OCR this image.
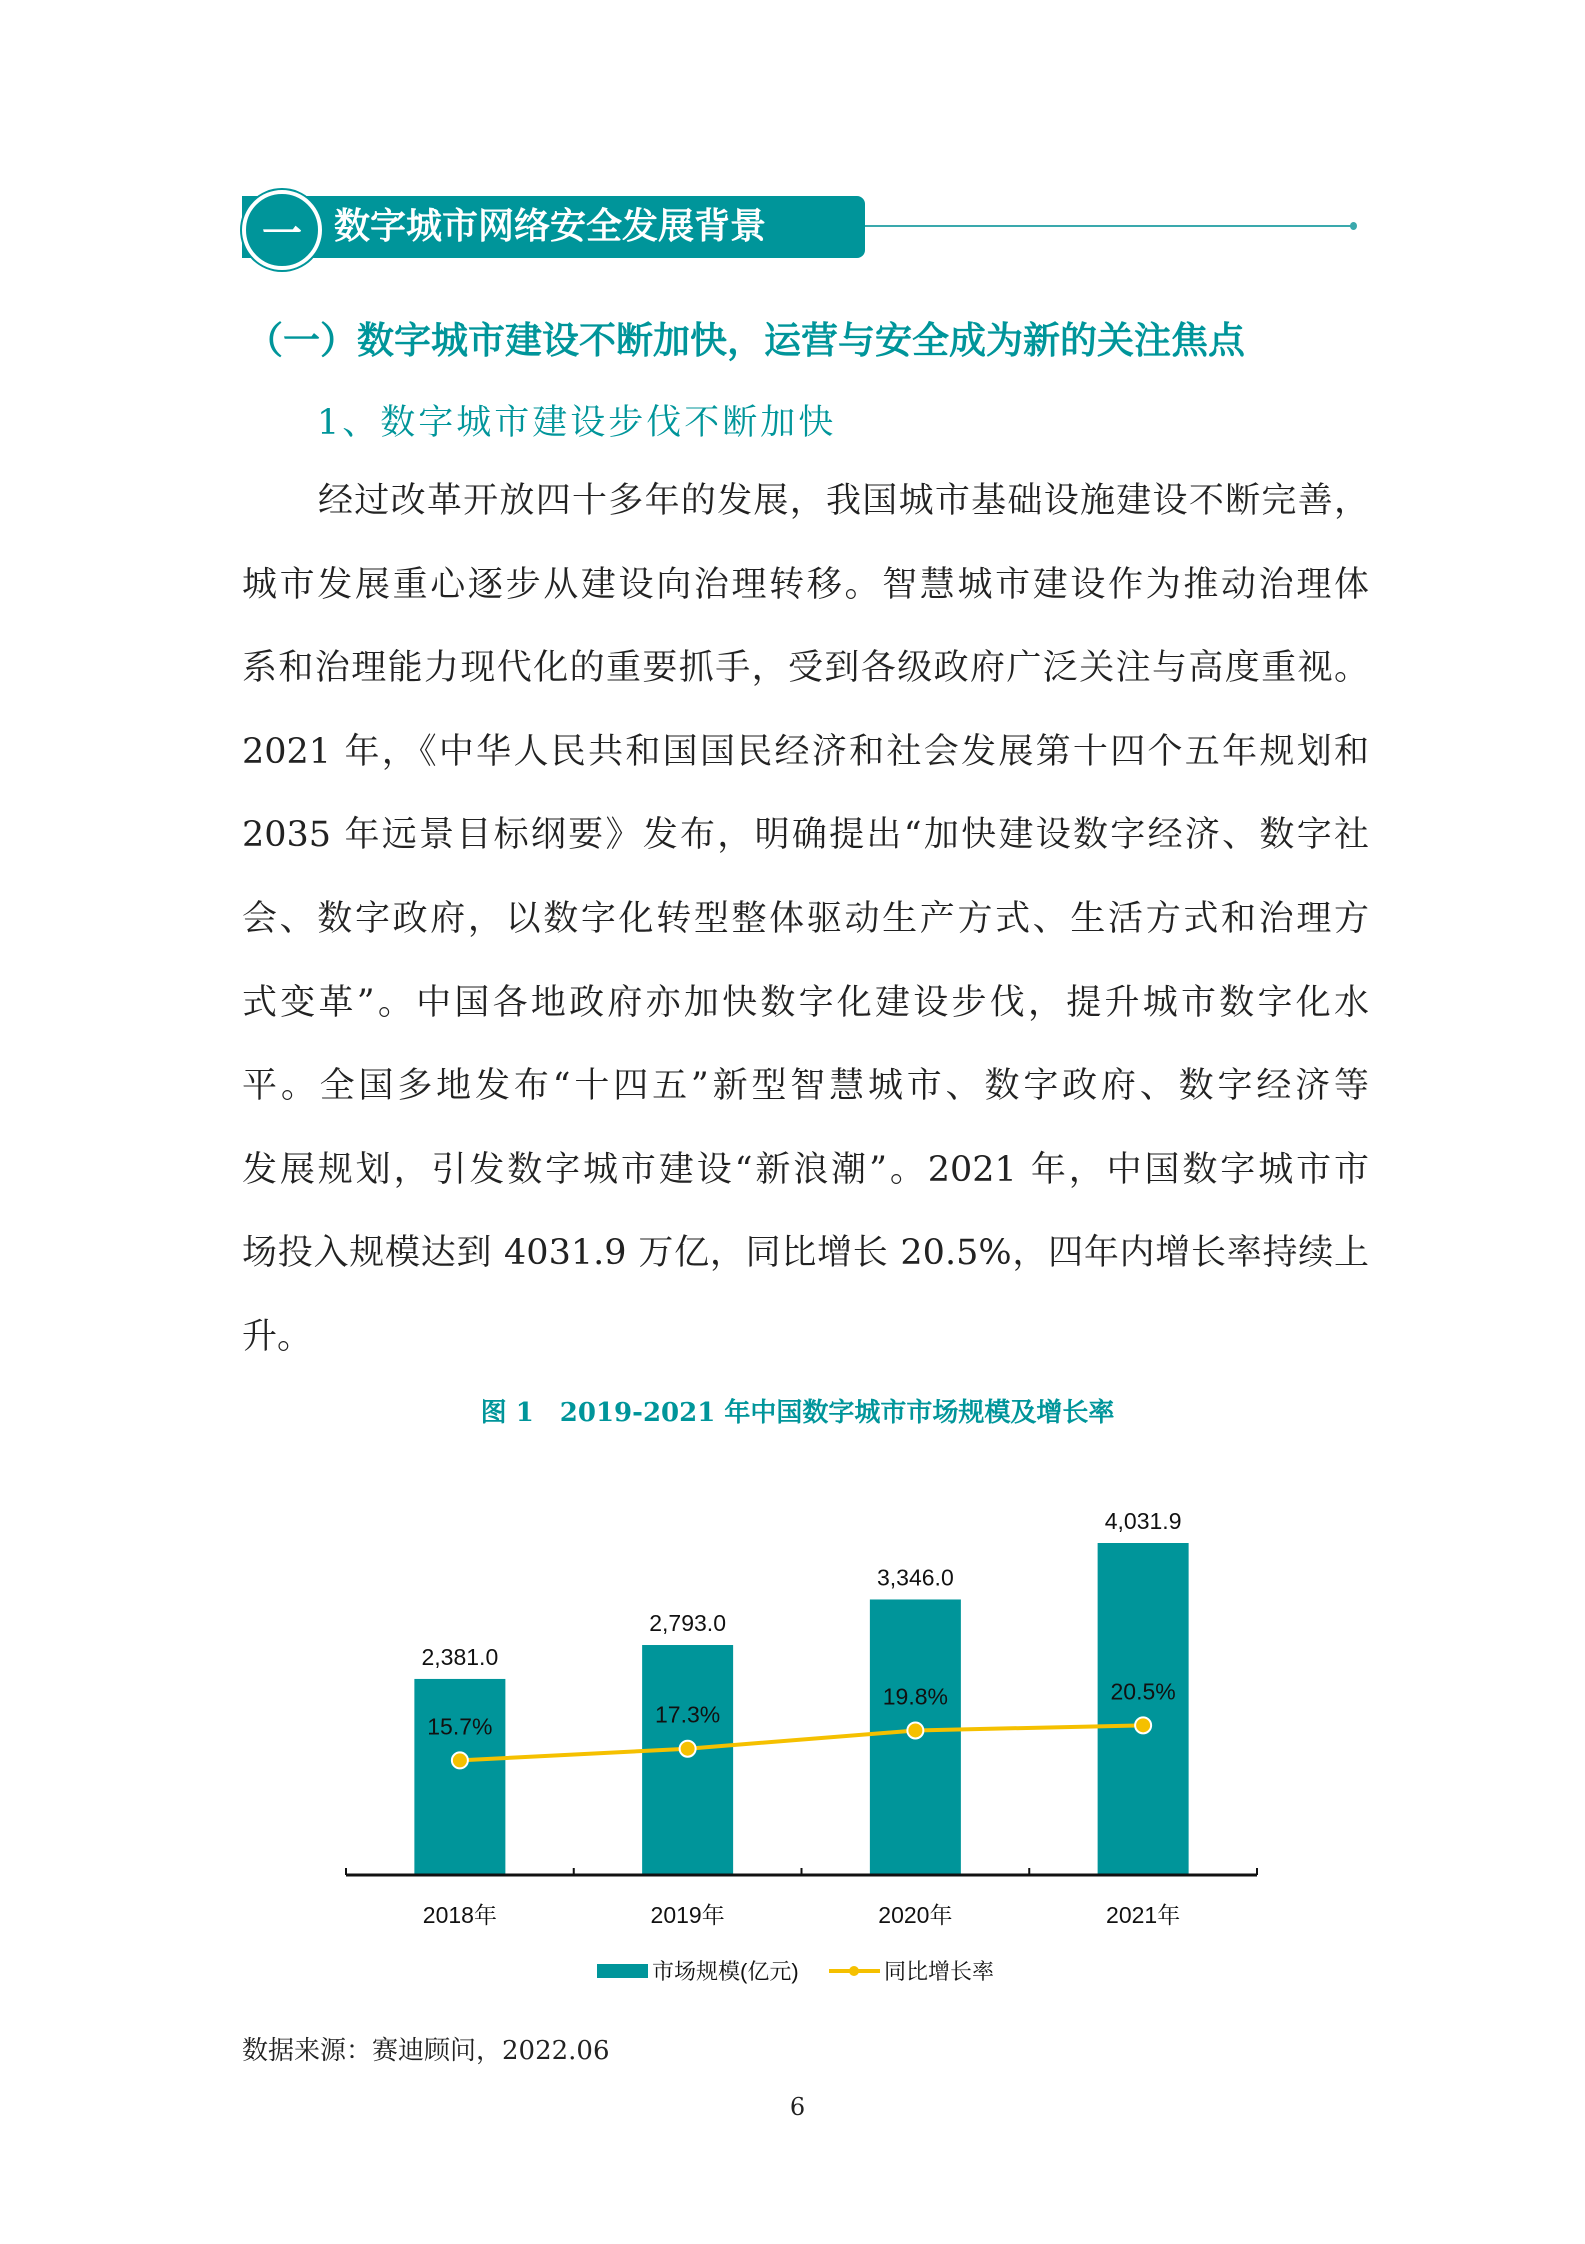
一 数字城市网络安全发展背景
（一）数字城市建设不断加快，运营与安全成为新的关注焦点
1、数字城市建设步伐不断加快
经过改革开放四十多年的发展，我国城市基础设施建设不断完善，
城市发展重心逐步从建设向治理转移。智慧城市建设作为推动治理体
系和治理能力现代化的重要抓手，受到各级政府广泛关注与高度重视。
2021 年，《中华人民共和国国民经济和社会发展第十四个五年规划和
2035 年远景目标纲要》发布，明确提出“加快建设数字经济、数字社
会、数字政府，以数字化转型整体驱动生产方式、生活方式和治理方
式变革”。中国各地政府亦加快数字化建设步伐，提升城市数字化水
平。全国多地发布“十四五”新型智慧城市、数字政府、数字经济等
发展规划，引发数字城市建设“新浪潮”。2021 年，中国数字城市市
场投入规模达到 4031.9 万亿，同比增长 20.5%，四年内增长率持续上
升。
图 1　2019-2021 年中国数字城市市场规模及增长率
2,381.0
2018年
2,793.0
2019年
3,346.0
2020年
4,031.9
2021年
15.7%	17.3%
19.8%	20.5%
市场规模(亿元)	同比增长率
数据来源：赛迪顾问，2022.06
6
